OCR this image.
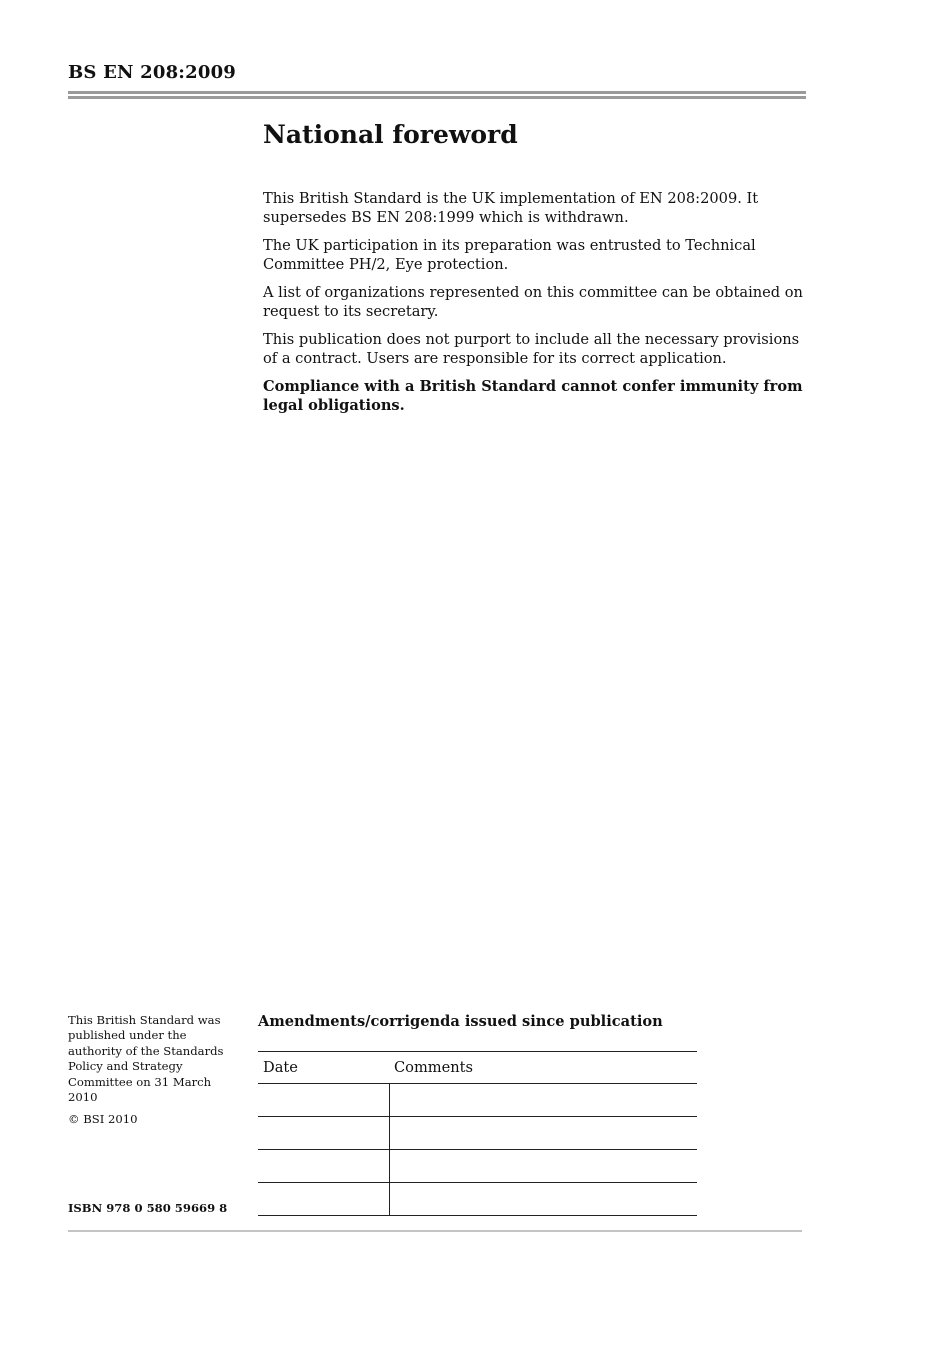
BS EN 208:2009
National foreword

This British Standard is the UK implementation of EN 208:2009. It supersedes BS EN 208:1999 which is withdrawn.

The UK participation in its preparation was entrusted to Technical Committee PH/2, Eye protection.

A list of organizations represented on this committee can be obtained on request to its secretary.

This publication does not purport to include all the necessary provisions of a contract. Users are responsible for its correct application.

Compliance with a British Standard cannot confer immunity from legal obligations.

This British Standard was published under the authority of the Standards Policy and Strategy Committee on 31 March 2010

© BSI 2010

ISBN 978 0 580 59669 8
Amendments/corrigenda issued since publication
Date	Comments
